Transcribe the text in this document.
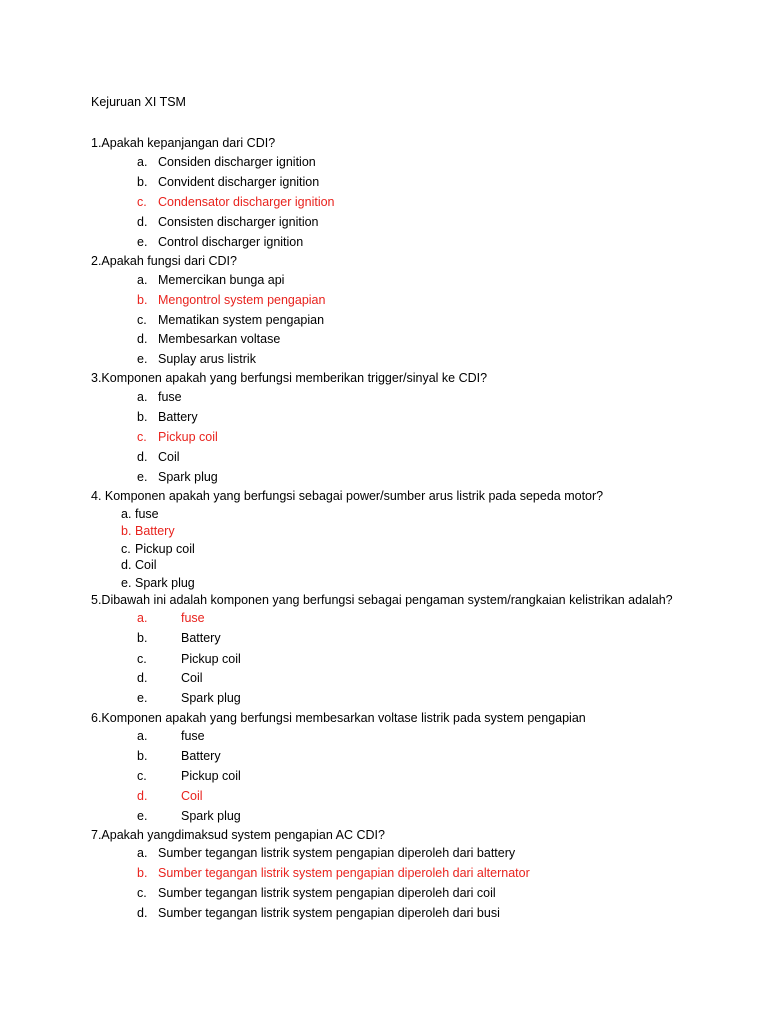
Kejuruan XI TSM
1.Apakah kepanjangan dari CDI?
a. Considen discharger ignition
b. Convident discharger ignition
c. Condensator discharger ignition
d. Consisten discharger ignition
e. Control discharger ignition
2.Apakah fungsi dari CDI?
a. Memercikan bunga api
b. Mengontrol system pengapian
c. Mematikan system pengapian
d. Membesarkan voltase
e. Suplay arus listrik
3.Komponen apakah yang berfungsi memberikan trigger/sinyal ke CDI?
a. fuse
b. Battery
c. Pickup coil
d. Coil
e. Spark plug
4. Komponen apakah yang berfungsi sebagai power/sumber arus listrik pada sepeda motor?
a. fuse
b. Battery
c. Pickup coil
d. Coil
e. Spark plug
5.Dibawah ini adalah komponen yang berfungsi sebagai pengaman system/rangkaian kelistrikan adalah?
a.	fuse
b.	Battery
c.	Pickup coil
d.	Coil
e.	Spark plug
6.Komponen apakah yang berfungsi membesarkan voltase listrik pada system pengapian
a.	fuse
b.	Battery
c.	Pickup coil
d.	Coil
e.	Spark plug
7.Apakah yangdimaksud system pengapian AC CDI?
a. Sumber tegangan listrik system pengapian diperoleh dari battery
b. Sumber tegangan listrik system pengapian diperoleh dari alternator
c. Sumber tegangan listrik system pengapian diperoleh dari coil
d. Sumber tegangan listrik system pengapian diperoleh dari busi
